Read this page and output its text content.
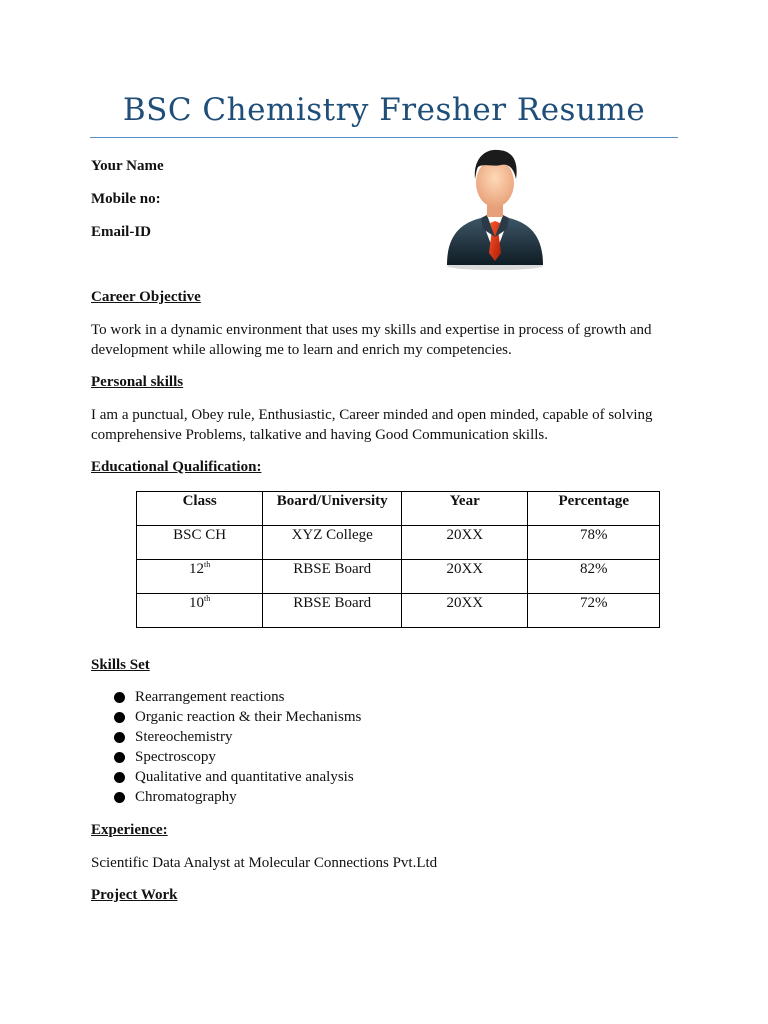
BSC Chemistry Fresher Resume
Your Name
Mobile no:
Email-ID
Career Objective
To work in a dynamic environment that uses my skills and expertise in process of growth and development while allowing me to learn and enrich my competencies.
Personal skills
I am a punctual, Obey rule, Enthusiastic, Career minded and open minded, capable of solving comprehensive Problems, talkative and having Good Communication skills.
Educational Qualification:
Class	Board/University	Year	Percentage
BSC CH	XYZ College	20XX	78%
12th	RBSE Board	20XX	82%
10th	RBSE Board	20XX	72%
Skills Set
Rearrangement reactions
Organic reaction & their Mechanisms
Stereochemistry
Spectroscopy
Qualitative and quantitative analysis
Chromatography
Experience:
Scientific Data Analyst at Molecular Connections Pvt.Ltd
Project Work
